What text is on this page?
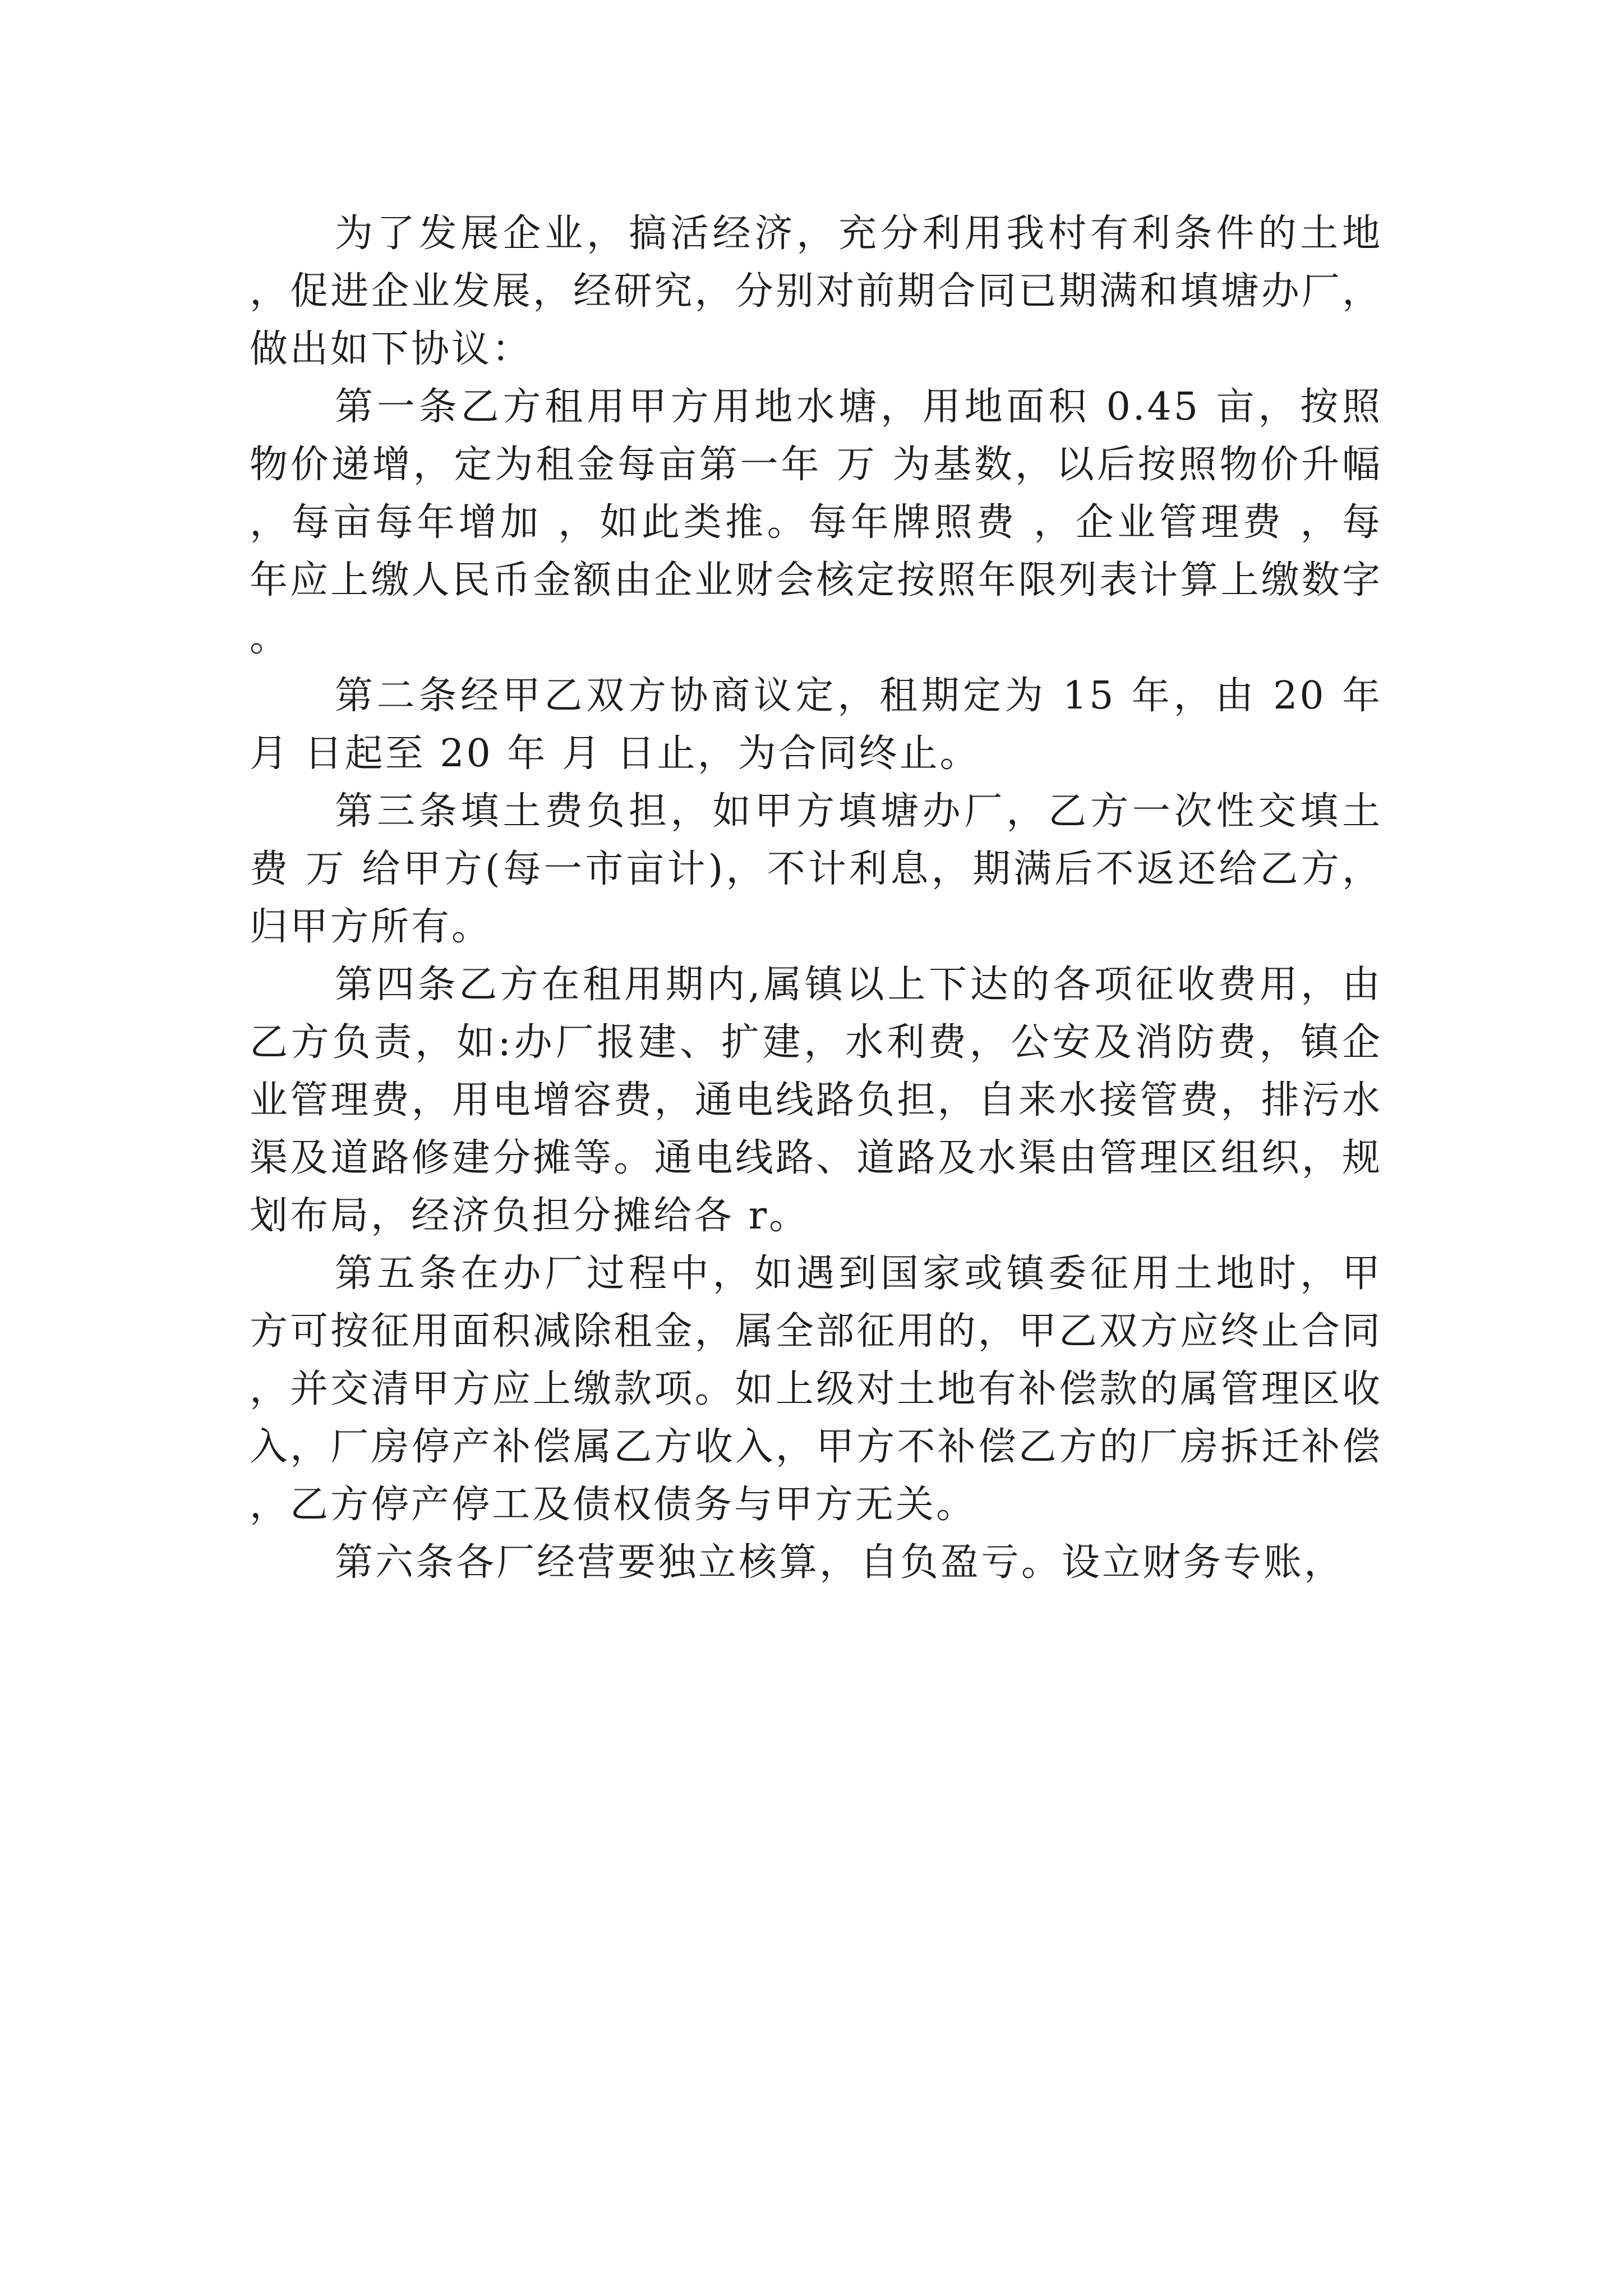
为了发展企业，搞活经济，充分利用我村有利条件的土地，促进企业发展，经研究，分别对前期合同已期满和填塘办厂，做出如下协议：

第一条乙方租用甲方用地水塘，用地面积 0.45 亩，按照物价递增，定为租金每亩第一年 万 为基数，以后按照物价升幅，每亩每年增加 ，如此类推。每年牌照费 ，企业管理费 ，每年应上缴人民币金额由企业财会核定按照年限列表计算上缴数字。

第二条经甲乙双方协商议定，租期定为 15 年，由 20 年 月 日起至 20 年 月 日止，为合同终止。

第三条填土费负担，如甲方填塘办厂，乙方一次性交填土费 万 给甲方(每一市亩计)，不计利息，期满后不返还给乙方，归甲方所有。

第四条乙方在租用期内,属镇以上下达的各项征收费用，由乙方负责，如:办厂报建、扩建，水利费，公安及消防费，镇企业管理费，用电增容费，通电线路负担，自来水接管费，排污水渠及道路修建分摊等。通电线路、道路及水渠由管理区组织，规划布局，经济负担分摊给各 r。

第五条在办厂过程中，如遇到国家或镇委征用土地时，甲方可按征用面积减除租金，属全部征用的，甲乙双方应终止合同，并交清甲方应上缴款项。如上级对土地有补偿款的属管理区收入，厂房停产补偿属乙方收入，甲方不补偿乙方的厂房拆迁补偿，乙方停产停工及债权债务与甲方无关。

第六条各厂经营要独立核算，自负盈亏。设立财务专账，
